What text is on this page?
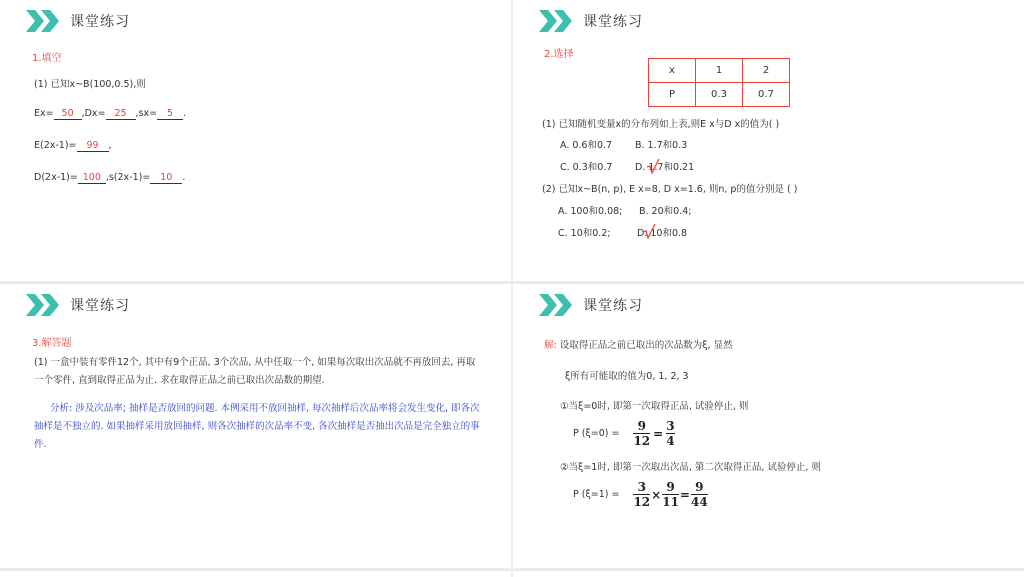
课堂练习
1.填空
(1) 已知x~B(100,0.5),则
Ex= 50 ,Dx= 25 ,sx= 5 .
E(2x-1)= 99 ,
D(2x-1)= 100 ,s(2x-1)= 10 .
课堂练习
2.选择
x	1	2
P	0.3	0.7
(1) 已知随机变量x的分布列如上表,则E x与D x的值为( )
A. 0.6和0.7 B. 1.7和0.3
C. 0.3和0.7 D. 1.7和0.21
(2) 已知x~B(n, p), E x=8, D x=1.6, 则n, p的值分别是 ( )
A. 100和0.08; B. 20和0.4;
C. 10和0.2;	D. 10和0.8
课堂练习
3.解答题
(1) 一盒中装有零件12个, 其中有9个正品, 3个次品, 从中任取一个, 如果每次取出次品就不再放回去, 再取一个零件, 直到取得正品为止. 求在取得正品之前已取出次品数的期望.
分析: 涉及次品率; 抽样是否放回的问题. 本例采用不放回抽样, 每次抽样后次品率将会发生变化, 即各次抽样是不独立的. 如果抽样采用放回抽样, 则各次抽样的次品率不变, 各次抽样是否抽出次品是完全独立的事件.
课堂练习
解: 设取得正品之前已取出的次品数为ξ, 显然
ξ所有可能取的值为0, 1, 2, 3
①当ξ=0时, 即第一次取得正品, 试验停止, 则
P $(\xi=0) = \frac{9}{12} = \frac{3}{4}$
②当ξ=1时, 即第一次取出次品, 第二次取得正品, 试验停止, 则
P $(\xi=1) = \frac{3}{12} \times \frac{9}{11} = \frac{9}{44}$
